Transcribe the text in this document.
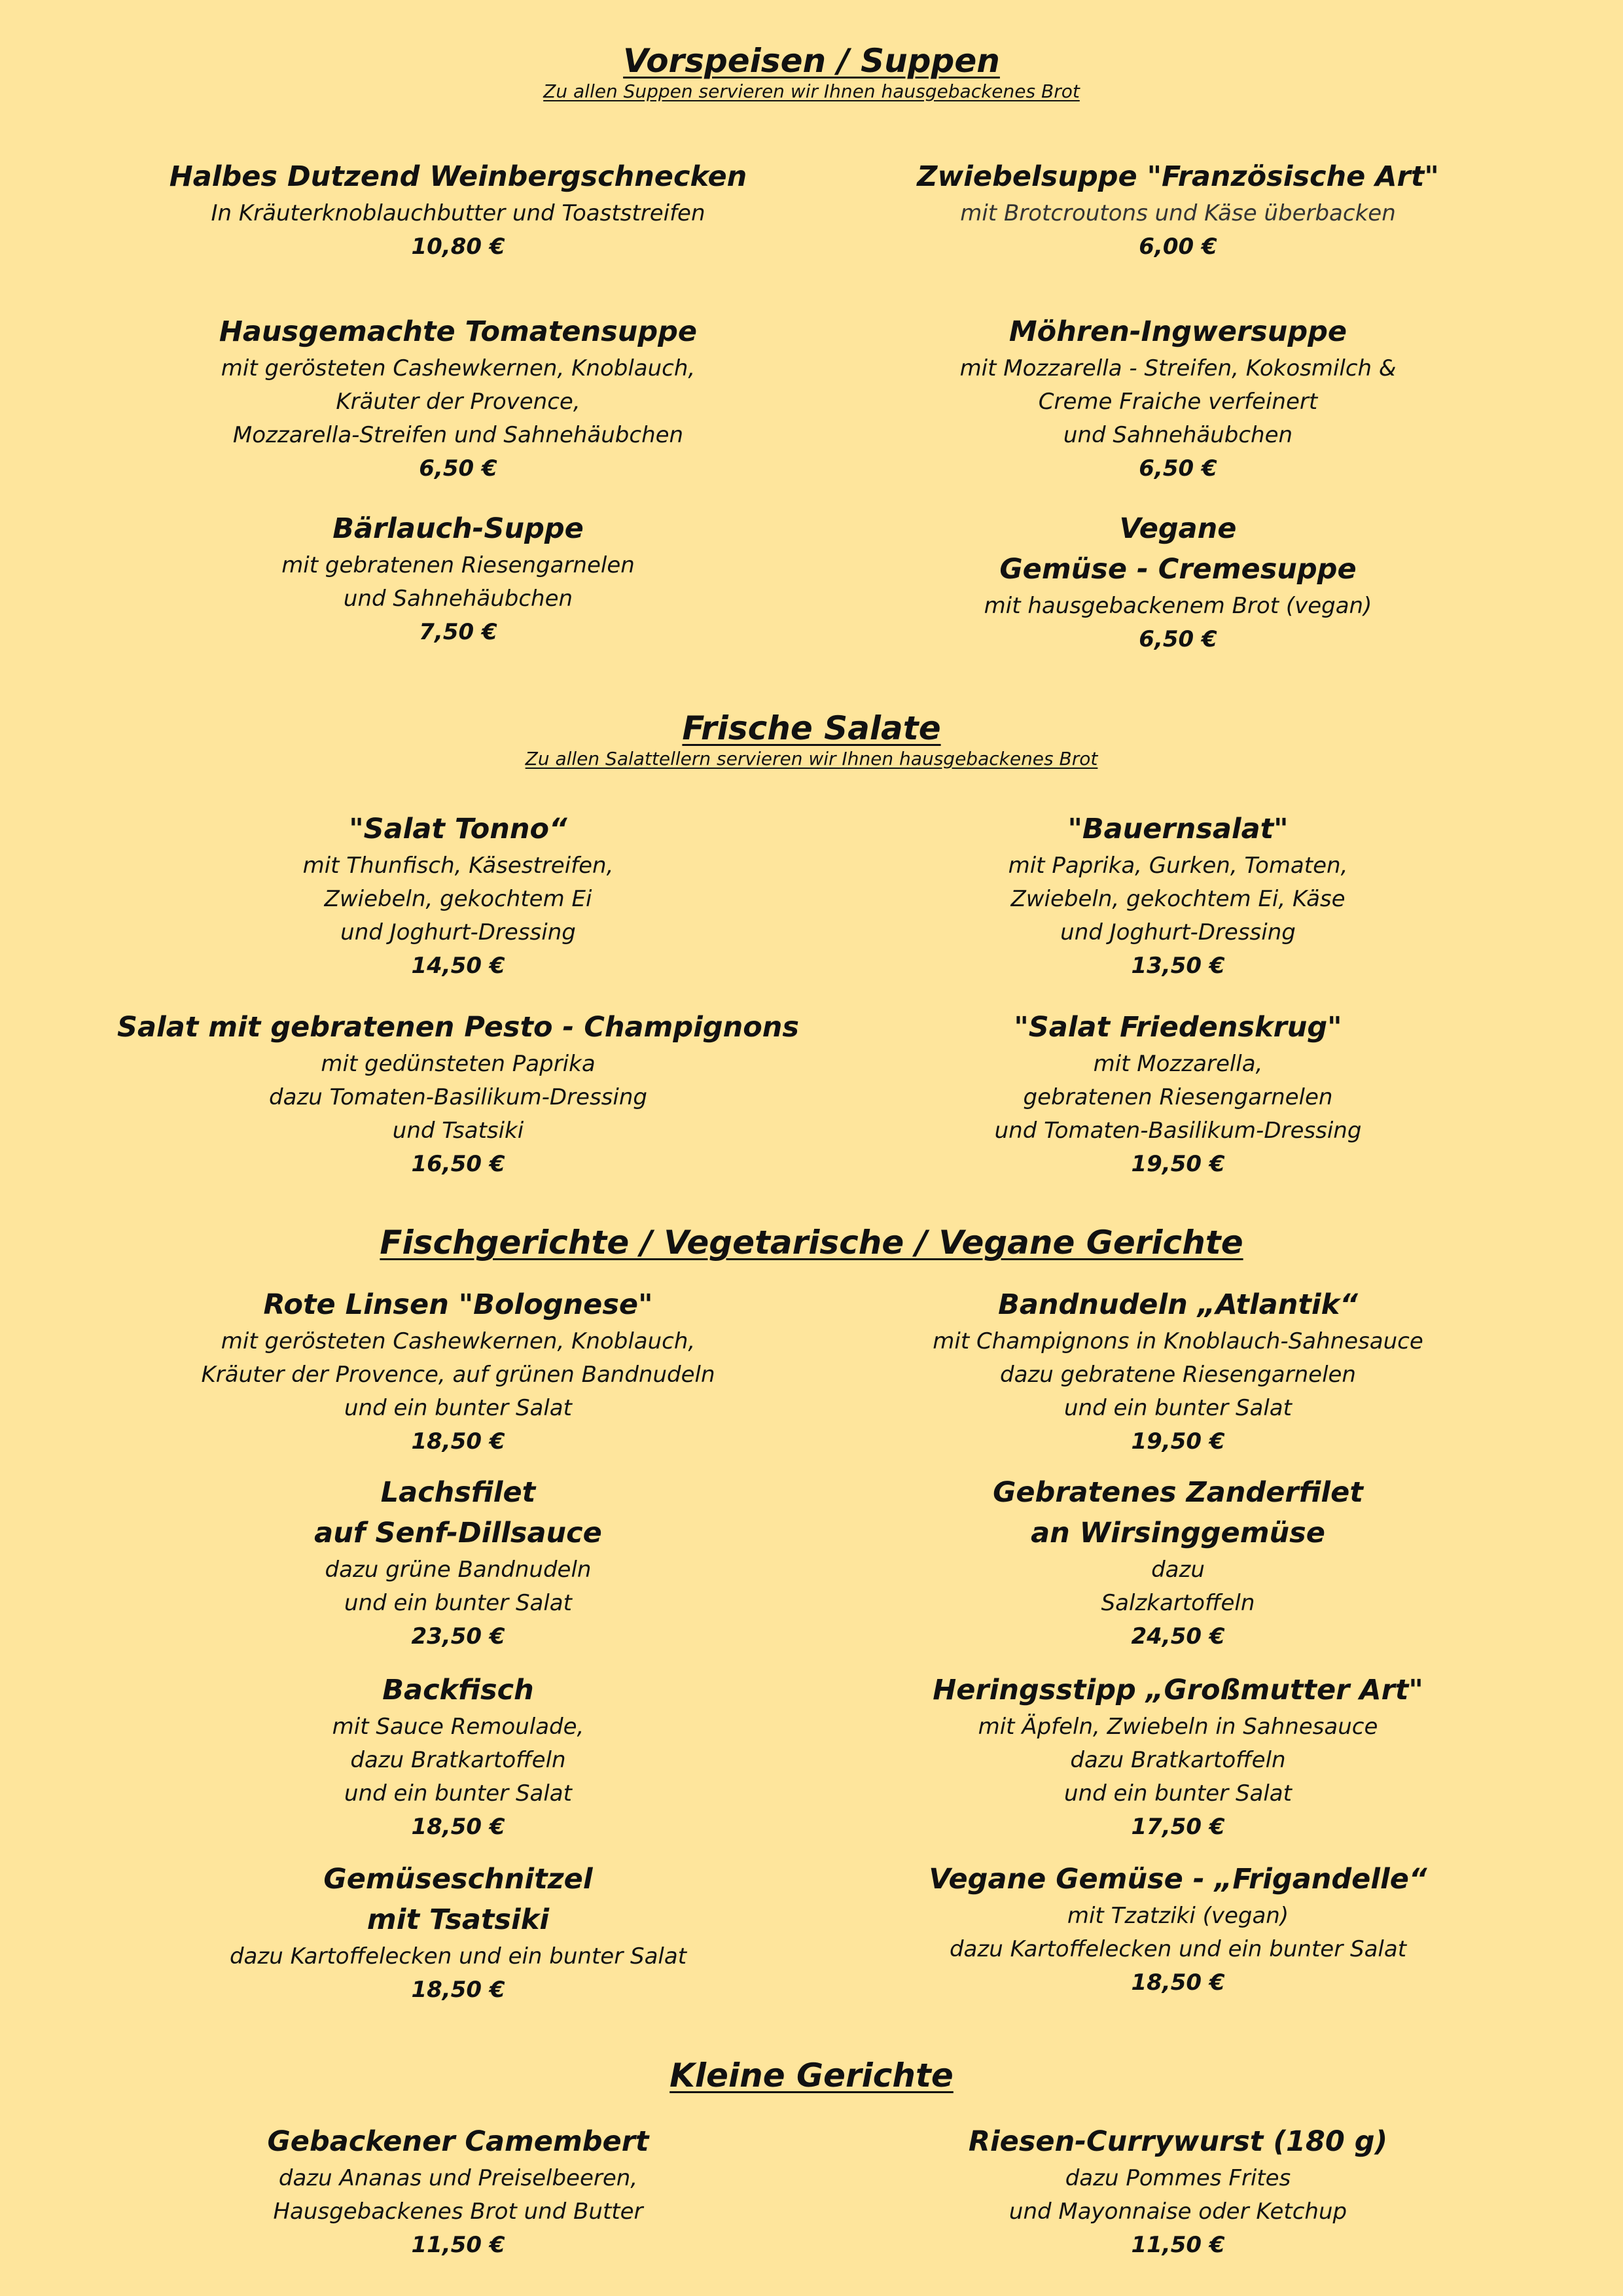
Vorspeisen / Suppen
Zu allen Suppen servieren wir Ihnen hausgebackenes Brot
Halbes Dutzend Weinbergschnecken
In Kräuterknoblauchbutter und Toaststreifen
10,80 €
Zwiebelsuppe "Französische Art"
mit Brotcroutons und Käse überbacken
6,00 €
Hausgemachte Tomatensuppe
mit gerösteten Cashewkernen, Knoblauch,
Kräuter der Provence,
Mozzarella-Streifen und Sahnehäubchen
6,50 €
Möhren-Ingwersuppe
mit Mozzarella - Streifen, Kokosmilch &
Creme Fraiche verfeinert
und Sahnehäubchen
6,50 €
Bärlauch-Suppe
mit gebratenen Riesengarnelen
und Sahnehäubchen
7,50 €
Vegane
Gemüse - Cremesuppe
mit hausgebackenem Brot (vegan)
6,50 €
Frische Salate
Zu allen Salattellern servieren wir Ihnen hausgebackenes Brot
"Salat Tonno“
mit Thunfisch, Käsestreifen,
Zwiebeln, gekochtem Ei
und Joghurt-Dressing
14,50 €
"Bauernsalat"
mit Paprika, Gurken, Tomaten,
Zwiebeln, gekochtem Ei, Käse
und Joghurt-Dressing
13,50 €
Salat mit gebratenen Pesto - Champignons
mit gedünsteten Paprika
dazu Tomaten-Basilikum-Dressing
und Tsatsiki
16,50 €
"Salat Friedenskrug"
mit Mozzarella,
gebratenen Riesengarnelen
und Tomaten-Basilikum-Dressing
19,50 €
Fischgerichte / Vegetarische / Vegane Gerichte
Rote Linsen "Bolognese"
mit gerösteten Cashewkernen, Knoblauch,
Kräuter der Provence, auf grünen Bandnudeln
und ein bunter Salat
18,50 €
Bandnudeln „Atlantik“
mit Champignons in Knoblauch-Sahnesauce
dazu gebratene Riesengarnelen
und ein bunter Salat
19,50 €
Lachsfilet
auf Senf-Dillsauce
dazu grüne Bandnudeln
und ein bunter Salat
23,50 €
Gebratenes Zanderfilet
an Wirsinggemüse
dazu
Salzkartoffeln
24,50 €
Backfisch
mit Sauce Remoulade,
dazu Bratkartoffeln
und ein bunter Salat
18,50 €
Heringsstipp „Großmutter Art"
mit Äpfeln, Zwiebeln in Sahnesauce
dazu Bratkartoffeln
und ein bunter Salat
17,50 €
Gemüseschnitzel
mit Tsatsiki
dazu Kartoffelecken und ein bunter Salat
18,50 €
Vegane Gemüse - „Frigandelle“
mit Tzatziki (vegan)
dazu Kartoffelecken und ein bunter Salat
18,50 €
Kleine Gerichte
Gebackener Camembert
dazu Ananas und Preiselbeeren,
Hausgebackenes Brot und Butter
11,50 €
Riesen-Currywurst (180 g)
dazu Pommes Frites
und Mayonnaise oder Ketchup
11,50 €
